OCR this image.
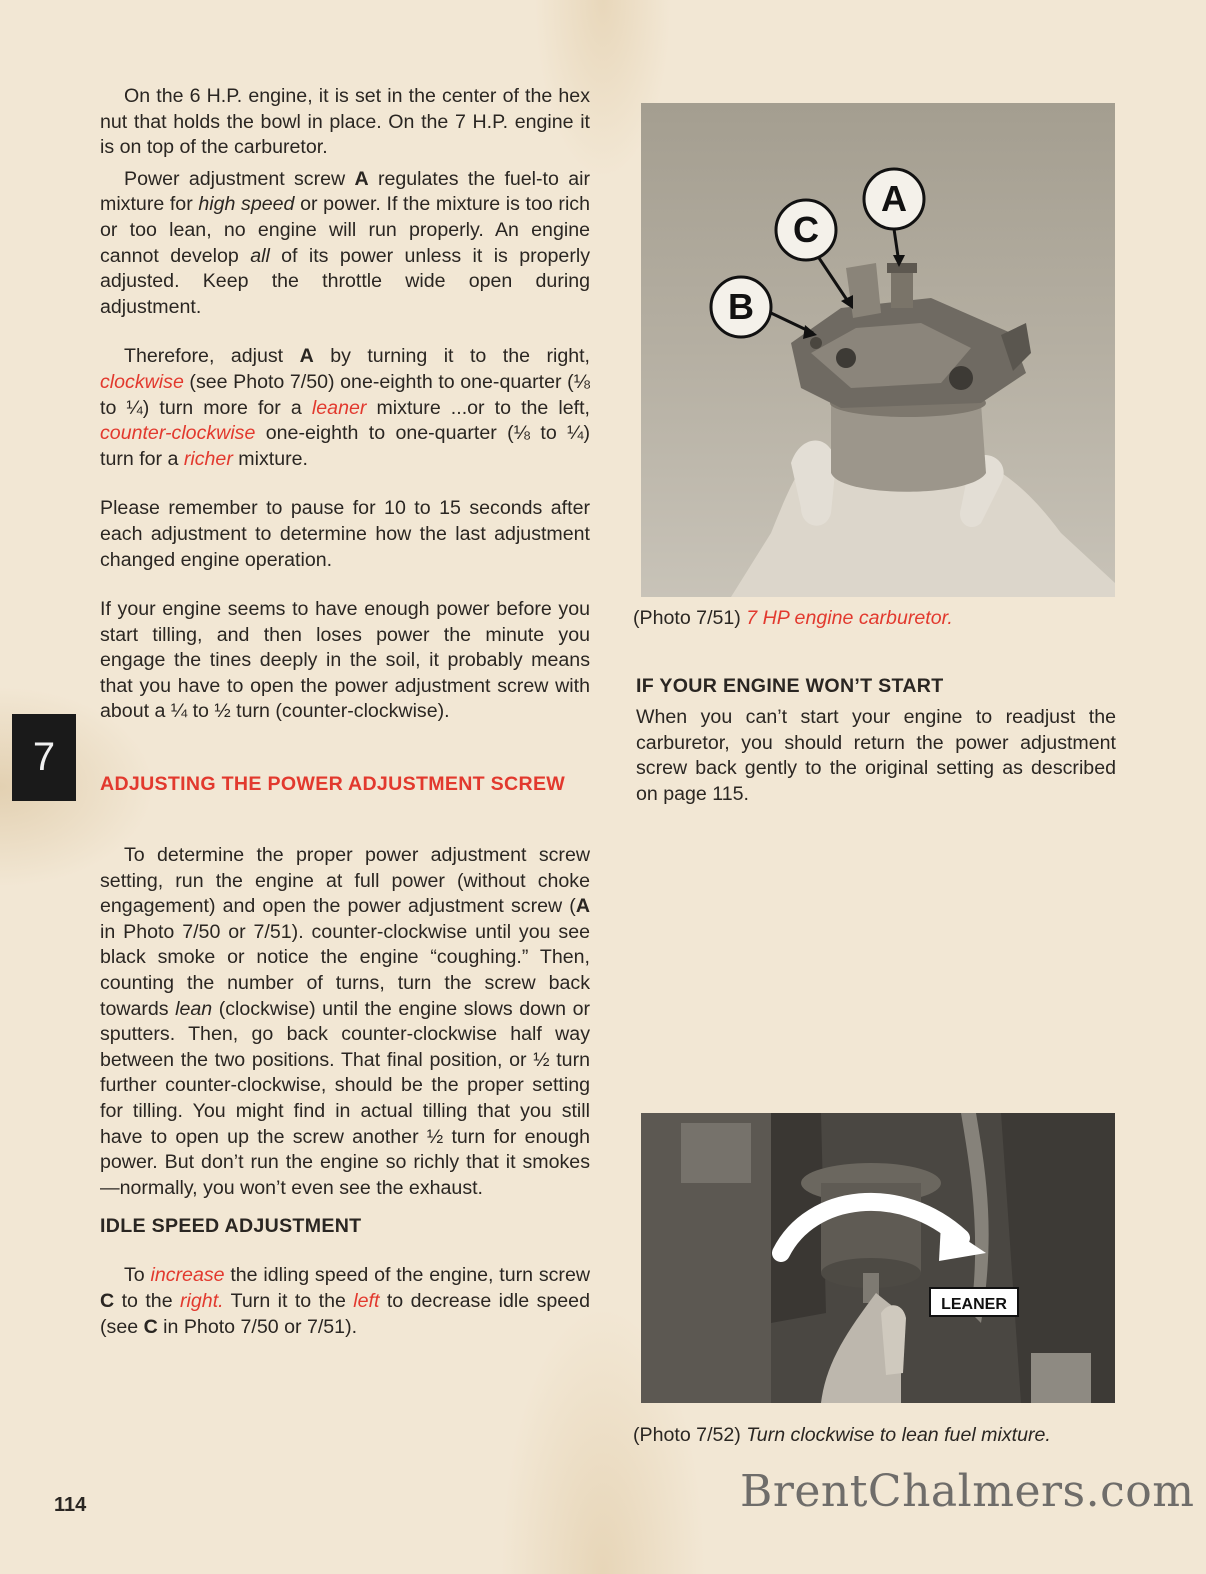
On the 6 H.P. engine, it is set in the center of the hex nut that holds the bowl in place. On the 7 H.P. engine it is on top of the carburetor.

Power adjustment screw A regulates the fuel-to air mixture for high speed or power. If the mixture is too rich or too lean, no engine will run properly. An engine cannot develop all of its power unless it is properly adjusted. Keep the throttle wide open during adjustment.

Therefore, adjust A by turning it to the right, clockwise (see Photo 7/50) one-eighth to one-quarter (⅛ to ¼) turn more for a leaner mixture ...or to the left, counter-clockwise one-eighth to one-quarter (⅛ to ¼) turn for a richer mixture.

Please remember to pause for 10 to 15 seconds after each adjustment to determine how the last adjustment changed engine operation.

If your engine seems to have enough power before you start tilling, and then loses power the minute you engage the tines deeply in the soil, it probably means that you have to open the power adjustment screw with about a ¼ to ½ turn (counter-clockwise).

ADJUSTING THE POWER ADJUSTMENT SCREW

To determine the proper power adjustment screw setting, run the engine at full power (without choke engagement) and open the power adjustment screw (A in Photo 7/50 or 7/51). counter-clockwise until you see black smoke or notice the engine “coughing.” Then, counting the number of turns, turn the screw back towards lean (clockwise) until the engine slows down or sputters. Then, go back counter-clockwise half way between the two positions. That final position, or ½ turn further counter-clockwise, should be the proper setting for tilling. You might find in actual tilling that you still have to open up the screw another ½ turn for enough power. But don’t run the engine so richly that it smokes—normally, you won’t even see the exhaust.

IDLE SPEED ADJUSTMENT

To increase the idling speed of the engine, turn screw C to the right. Turn it to the left to decrease idle speed (see C in Photo 7/50 or 7/51).

A
C
B
(Photo 7/51) 7 HP engine carburetor.

IF YOUR ENGINE WON’T START

When you can’t start your engine to readjust the carburetor, you should return the power adjustment screw back gently to the original setting as described on page 115.

LEANER
(Photo 7/52) Turn clockwise to lean fuel mixture.
7
114	BrentChalmers.com
